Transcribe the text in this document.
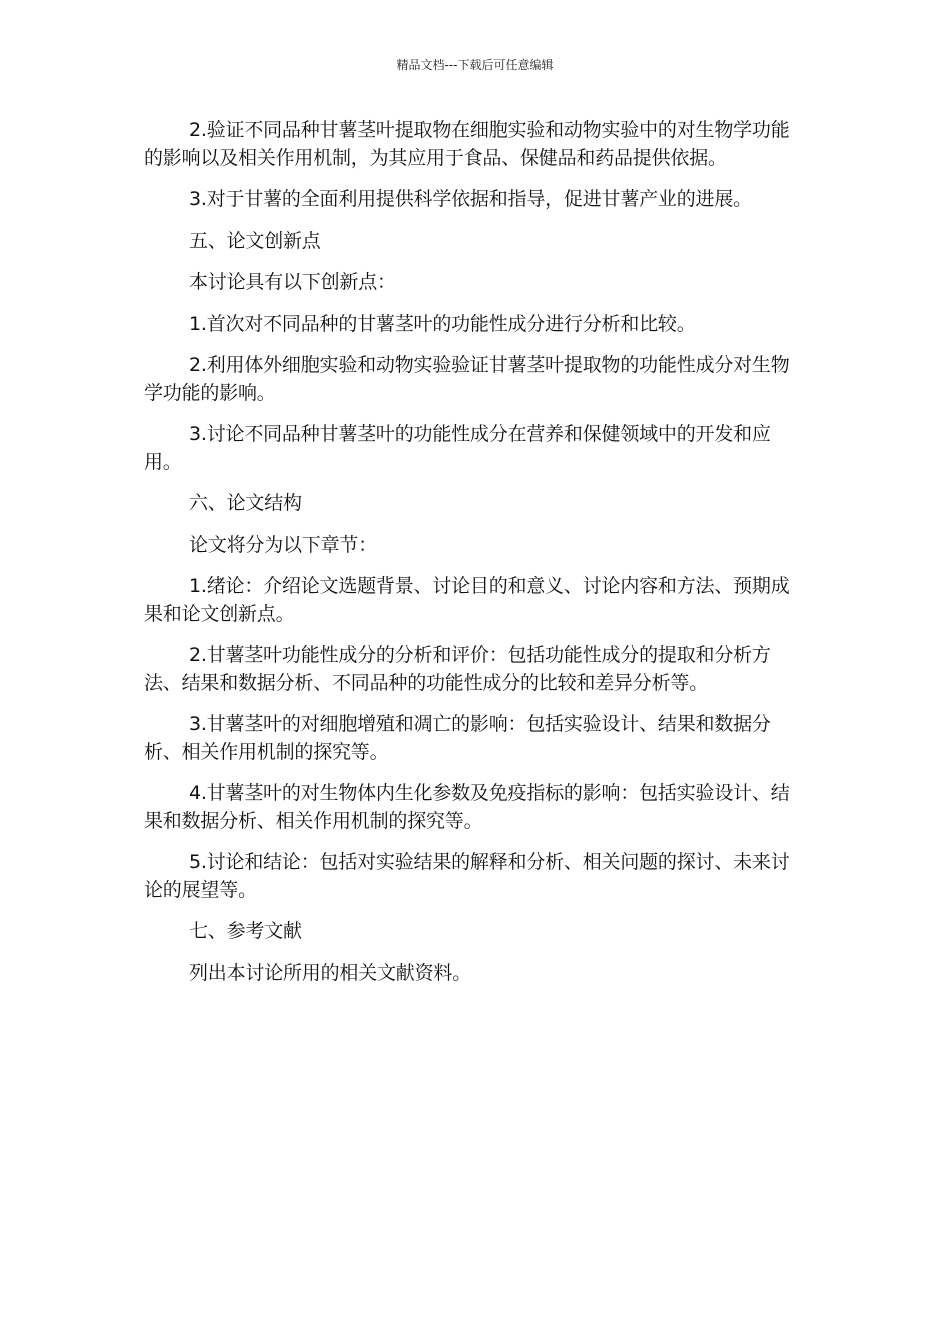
精品文档---下载后可任意编辑

2.验证不同品种甘薯茎叶提取物在细胞实验和动物实验中的对生物学功能的影响以及相关作用机制，为其应用于食品、保健品和药品提供依据。

3.对于甘薯的全面利用提供科学依据和指导，促进甘薯产业的进展。

五、论文创新点

本讨论具有以下创新点：

1.首次对不同品种的甘薯茎叶的功能性成分进行分析和比较。

2.利用体外细胞实验和动物实验验证甘薯茎叶提取物的功能性成分对生物学功能的影响。

3.讨论不同品种甘薯茎叶的功能性成分在营养和保健领域中的开发和应用。

六、论文结构

论文将分为以下章节：

1.绪论：介绍论文选题背景、讨论目的和意义、讨论内容和方法、预期成果和论文创新点。

2.甘薯茎叶功能性成分的分析和评价：包括功能性成分的提取和分析方法、结果和数据分析、不同品种的功能性成分的比较和差异分析等。

3.甘薯茎叶的对细胞增殖和凋亡的影响：包括实验设计、结果和数据分析、相关作用机制的探究等。

4.甘薯茎叶的对生物体内生化参数及免疫指标的影响：包括实验设计、结果和数据分析、相关作用机制的探究等。

5.讨论和结论：包括对实验结果的解释和分析、相关问题的探讨、未来讨论的展望等。

七、参考文献

列出本讨论所用的相关文献资料。
